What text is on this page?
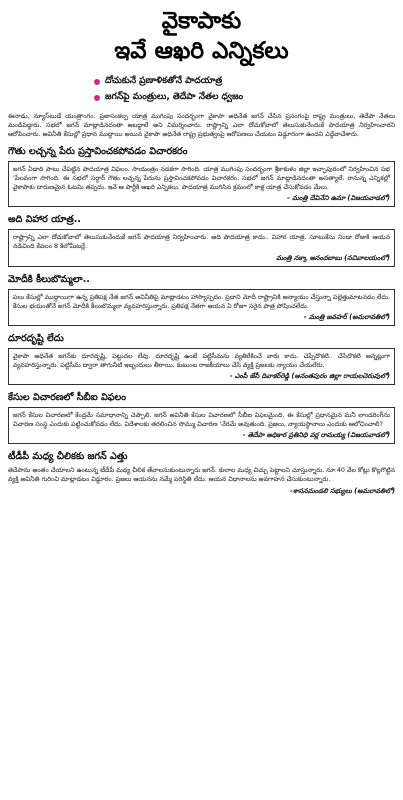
వైకాపాకు
ఇవే ఆఖరి ఎన్నికలు
దోచుకునే ప్రణాళికతోనే పాదయాత్ర
జగన్‌పై మంత్రులు, తెదేపా నేతల ధ్వజం
ఈనాడు, న్యూస్‌టుడే యంత్రాంగం: ప్రజాసంకల్ప యాత్ర ముగింపు సందర్భంగా వైకాపా అధినేత జగన్ చేసిన ప్రసంగంపై రాష్ట్ర మంత్రులు, తెదేపా నేతలు మండిపడ్డారు. సభలో జగన్ మాట్లాడినదంతా అబద్ధాలే అని విమర్శించారు. రాష్ట్రాన్ని ఎలా దోచుకోవాలో తెలుసుకునేందుకే పాదయాత్ర నిర్వహించారని ఆరోపించారు. అవినీతి కేసుల్లో ప్రధాన ముద్దాయి అయిన వైకాపా అధినేత రాష్ట్ర ప్రభుత్వంపై ఆరోపణలు చేయటం విడ్డూరంగా ఉందని ఎద్దేవాచేశారు.
గౌతు లచ్చన్న పేరు ప్రస్తావించకపోవడం విచారకరం
జగన్ ఏడాది పాటు చేపట్టిన పాదయాత్ర విఫలం. సాయంత్రం నడకగా సాగింది. యాత్ర ముగింపు సందర్భంగా శ్రీకాకుళం జిల్లా ఇచ్ఛాపురంలో నిర్వహించిన సభ 'పేలవంగా సాగింది. ఈ సభలో సర్దార్ గౌతు లచ్చన్న పేరును ప్రస్తావించకపోవడం విచారకరం. సభలో జగన్ మాట్లాడినదంతా అసత్యాలే. రానున్న ఎన్నికల్లో వైకాపాకు దారుణమైన ఓటమి తప్పదు. ఇవే ఆ పార్టీకి ఆఖరి ఎన్నికలు. పాదయాత్ర ముగిసిన క్రమంలో కాళ్ల యాత్ర చేసుకోవడం మేలు.
- మంత్రి దేవినేని ఉమా (విజయవాడలో)
అది విహార యాత్ర..
రాష్ట్రాన్ని ఎలా దోచుకోవాలో తెలుసుకునేందుకే జగన్ పాదయాత్ర నిర్వహించారు. అది పాదయాత్ర కాదు.. విహార యాత్ర. సూటుకేసు నిండా రోజుకి ఆయన నడిచింది కేవలం 8 కిలోమీటర్లే.
మంత్రి నక్కా ఆనందబాబు (సచివాలయంలో)
మోదీకి కీలుబొమ్మలా..
పలు కేసుల్లో ముద్దాయిగా ఉన్న ప్రతిపక్ష నేత జగన్ అవినీతిపై మాట్లాడటం హాస్యాస్పదం. ప్రధాని మోదీ రాష్ట్రానికి అన్యాయం చేస్తున్నా పల్లెత్తుమాటనడం లేదు. కేసుల భయంతోనే జగన్ మోదీకి కీలుబొమ్మలా వ్యవహరిస్తున్నారు. ప్రతిపక్ష నేతగా ఆయన ఏ రోజూ సరైన పాత్ర పోషించలేదు.
- మంత్రి జవహర్ (అమరావతిలో)
దూరదృష్టి లేదు
వైకాపా అధినేత జగన్‌కు దూరదృష్టి, పట్టుదల లేవు. దూరదృష్టి ఉంటే పట్టిసీమను వ్యతిరేకించే వారు కాదు. చెప్పేదొకటి.. చేసేదొకటి అన్నట్లుగా వ్యవహరిస్తున్నారు. పట్టిసీమ ద్వారా తాగునీటి ఇబ్బందులు తీరాయి. కుటుంబ రాజకీయాలు చేసే వ్యక్తి ప్రజలకు న్యాయం చేయలేరు.
- ఎంపీ జేసీ దివాకర్‌రెడ్డి (అనంతపురం జిల్లా రాయలచెరువులో)
కేసుల విచారణలో సీబీఐ విఫలం
జగన్ కేసుల విచారణలో కేంద్రమే సమాధానాన్ని చెప్పాలి. జగన్ అవినీతి కేసుల విచారణలో సీబీఐ విఫలమైంది. ఈ కేసుల్లో ప్రధానమైన మనీ లాండరింగ్‌ను విచారణ సంస్థ ఎందుకు పట్టించుకోవడం లేదు. విదేశాలకు తరలించిన సొమ్ము విచారణ 'నేరమే అవుతుంది. ప్రజలు, న్యాయస్థానాలు ఎందుకు ఆలోచించాలి?
- తెదేపా అధికార ప్రతినిధి వర్ల రామయ్య (విజయవాడలో)
టీడీపీ మధ్య చీలికకు జగన్ ఎత్తు
తెదేపాను అంతం చేయాలని ఉంటున్న టీడీపీ మధ్య చీలిక తేవాలనుకుంటున్నారు జగన్. కులాల మధ్య చిచ్చు పెట్టాలని చూస్తున్నారు. నూ.40 వేల కోట్లు కొల్లగొట్టిన వ్యక్తి అవినీతి గురించి మాట్లాడటం విడ్డూరం. ప్రజలు ఆయనను నమ్మే పరిస్థితి లేదు. ఆయన విధానాలను అవగాహన చేసుకుంటున్నారు.
-శాసనమండలి సభ్యులు (అమరావతిలో)
